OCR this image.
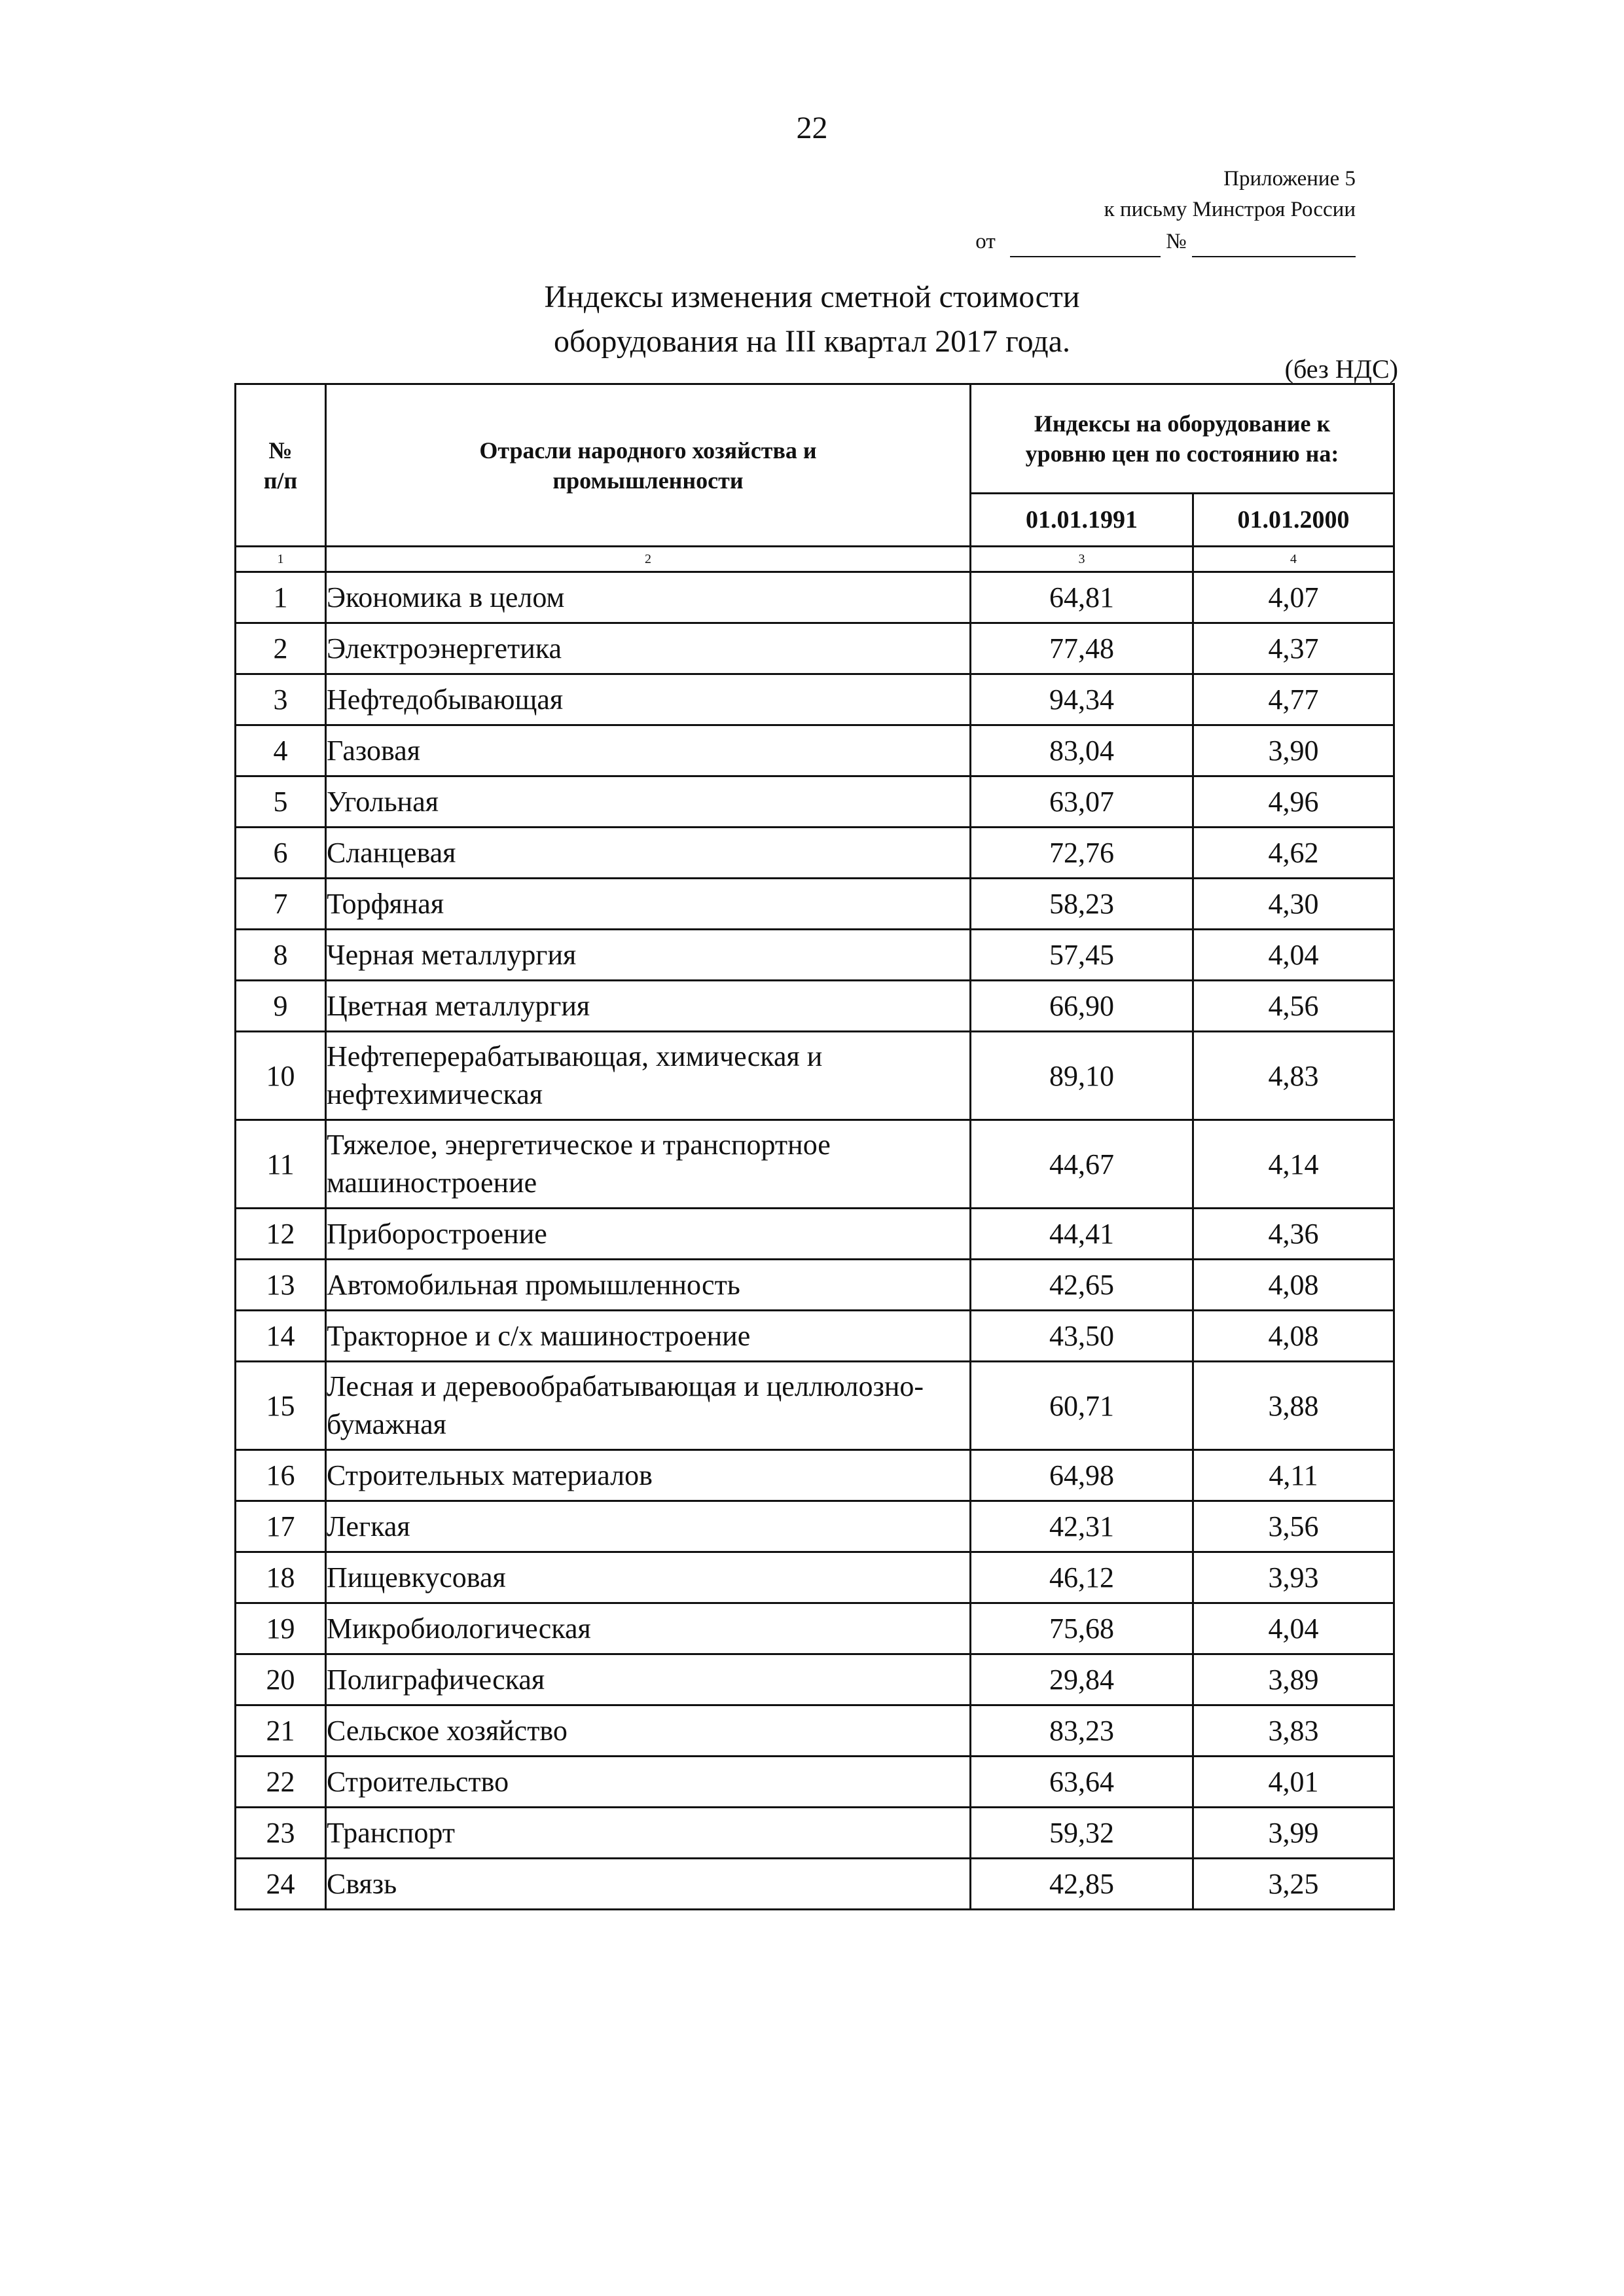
22
Приложение 5
к письму Минстроя России
от	№
Индексы изменения сметной стоимости
оборудования на III квартал 2017 года.
(без НДС)
№
п/п	Отрасли народного хозяйства и промышленности	Индексы на оборудование к уровню цен по состоянию на:	
		01.01.1991	01.01.2000
1	2	3	4
1	Экономика в целом	64,81	4,07
2	Электроэнергетика	77,48	4,37
3	Нефтедобывающая	94,34	4,77
4	Газовая	83,04	3,90
5	Угольная	63,07	4,96
6	Сланцевая	72,76	4,62
7	Торфяная	58,23	4,30
8	Черная металлургия	57,45	4,04
9	Цветная металлургия	66,90	4,56
10	Нефтеперерабатывающая, химическая и нефтехимическая	89,10	4,83
11	Тяжелое, энергетическое и транспортное машиностроение	44,67	4,14
12	Приборостроение	44,41	4,36
13	Автомобильная промышленность	42,65	4,08
14	Тракторное и с/х машиностроение	43,50	4,08
15	Лесная и деревообрабатывающая и целлюлозно-бумажная	60,71	3,88
16	Строительных материалов	64,98	4,11
17	Легкая	42,31	3,56
18	Пищевкусовая	46,12	3,93
19	Микробиологическая	75,68	4,04
20	Полиграфическая	29,84	3,89
21	Сельское хозяйство	83,23	3,83
22	Строительство	63,64	4,01
23	Транспорт	59,32	3,99
24	Связь	42,85	3,25
